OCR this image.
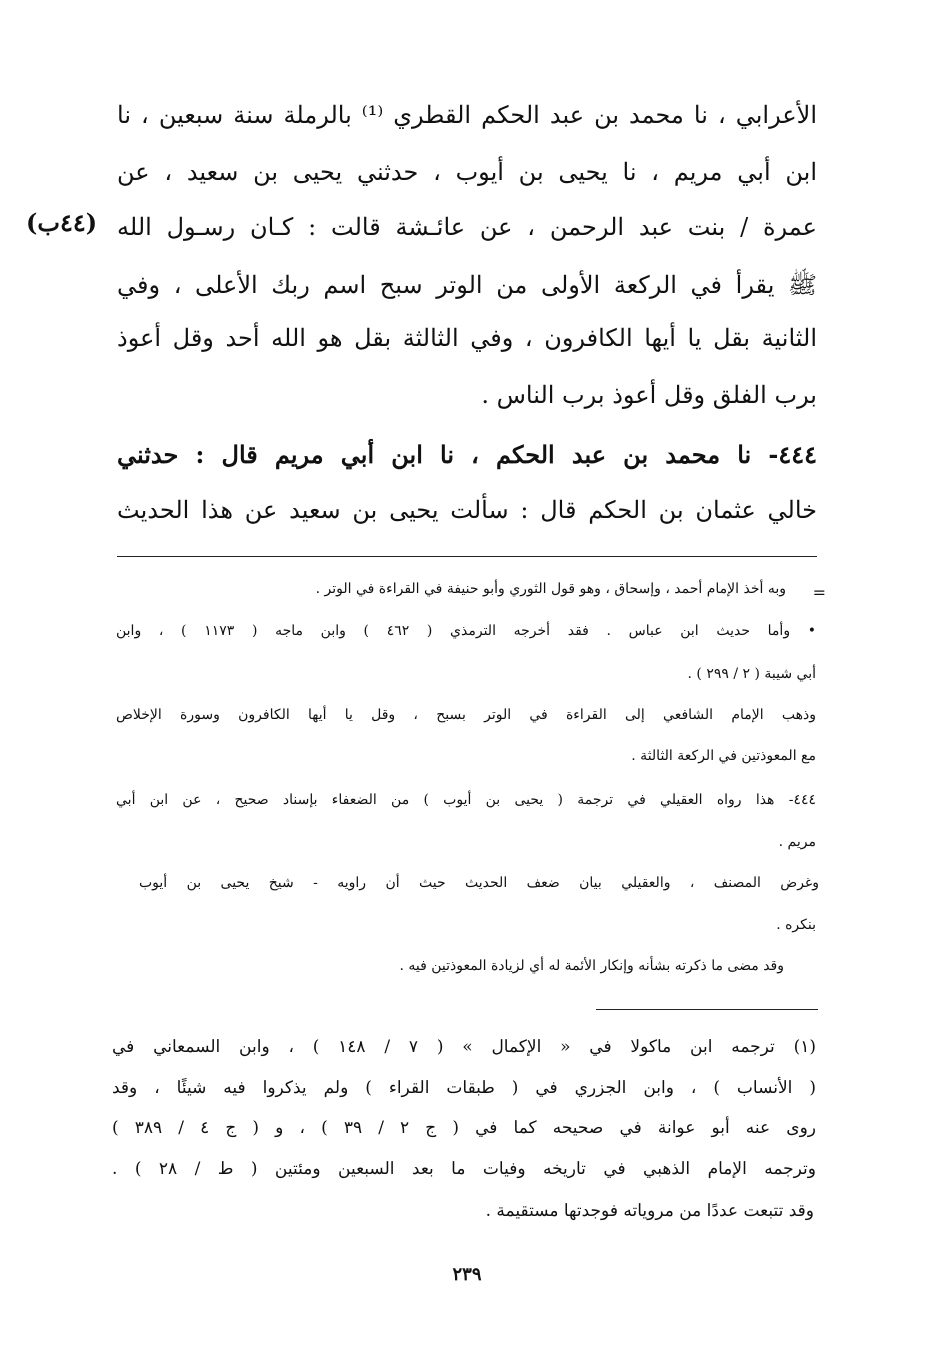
الأعرابي ، نا محمد بن عبد الحكم القطري ⁽¹⁾ بالرملة سنة سبعين ، نا
ابن أبي مريم ، نا يحيى بن أيوب ، حدثني يحيى بن سعيد ، عن
عمرة / بنت عبد الرحمن ، عن عائـشة قالت : كـان رسـول الله
(٤٤ب)
ﷺ يقرأ في الركعة الأولى من الوتر سبح اسم ربك الأعلى ، وفي
الثانية بقل يا أيها الكافرون ، وفي الثالثة بقل هو الله أحد وقل أعوذ
برب الفلق وقل أعوذ برب الناس .
٤٤٤- نا محمد بن عبد الحكم ، نا ابن أبي مريم قال : حدثني
خالي عثمان بن الحكم قال : سألت يحيى بن سعيد عن هذا الحديث
=
وبه أخذ الإمام أحمد ، وإسحاق ، وهو قول الثوري وأبو حنيفة في القراءة في الوتر .
• وأما حديث ابن عباس . فقد أخرجه الترمذي ( ٤٦٢ ) وابن ماجه ( ١١٧٣ ) ، وابن
أبي شيبة ( ٢ / ٢٩٩ ) .
وذهب الإمام الشافعي إلى القراءة في الوتر بسبح ، وقل يا أيها الكافرون وسورة الإخلاص
مع المعوذتين في الركعة الثالثة .
٤٤٤- هذا رواه العقيلي في ترجمة ( يحيى بن أيوب ) من الضعفاء بإسناد صحيح ، عن ابن أبي
مريم .
وغرض المصنف ، والعقيلي بيان ضعف الحديث حيث أن راويه - شيخ يحيى بن أيوب
بنكره .
وقد مضى ما ذكرته بشأنه وإنكار الأئمة له أي لزيادة المعوذتين فيه .
(١) ترجمه ابن ماكولا في « الإكمال » ( ٧ / ١٤٨ ) ، وابن السمعاني في
( الأنساب ) ، وابن الجزري في ( طبقات القراء ) ولم يذكروا فيه شيئًا ، وقد
روى عنه أبو عوانة في صحيحه كما في ( ج ٢ / ٣٩ ) ، و ( ج ٤ / ٣٨٩ )
وترجمه الإمام الذهبي في تاريخه وفيات ما بعد السبعين ومئتين ( ط / ٢٨ ) .
وقد تتبعت عددًا من مروياته فوجدتها مستقيمة .
٢٣٩
